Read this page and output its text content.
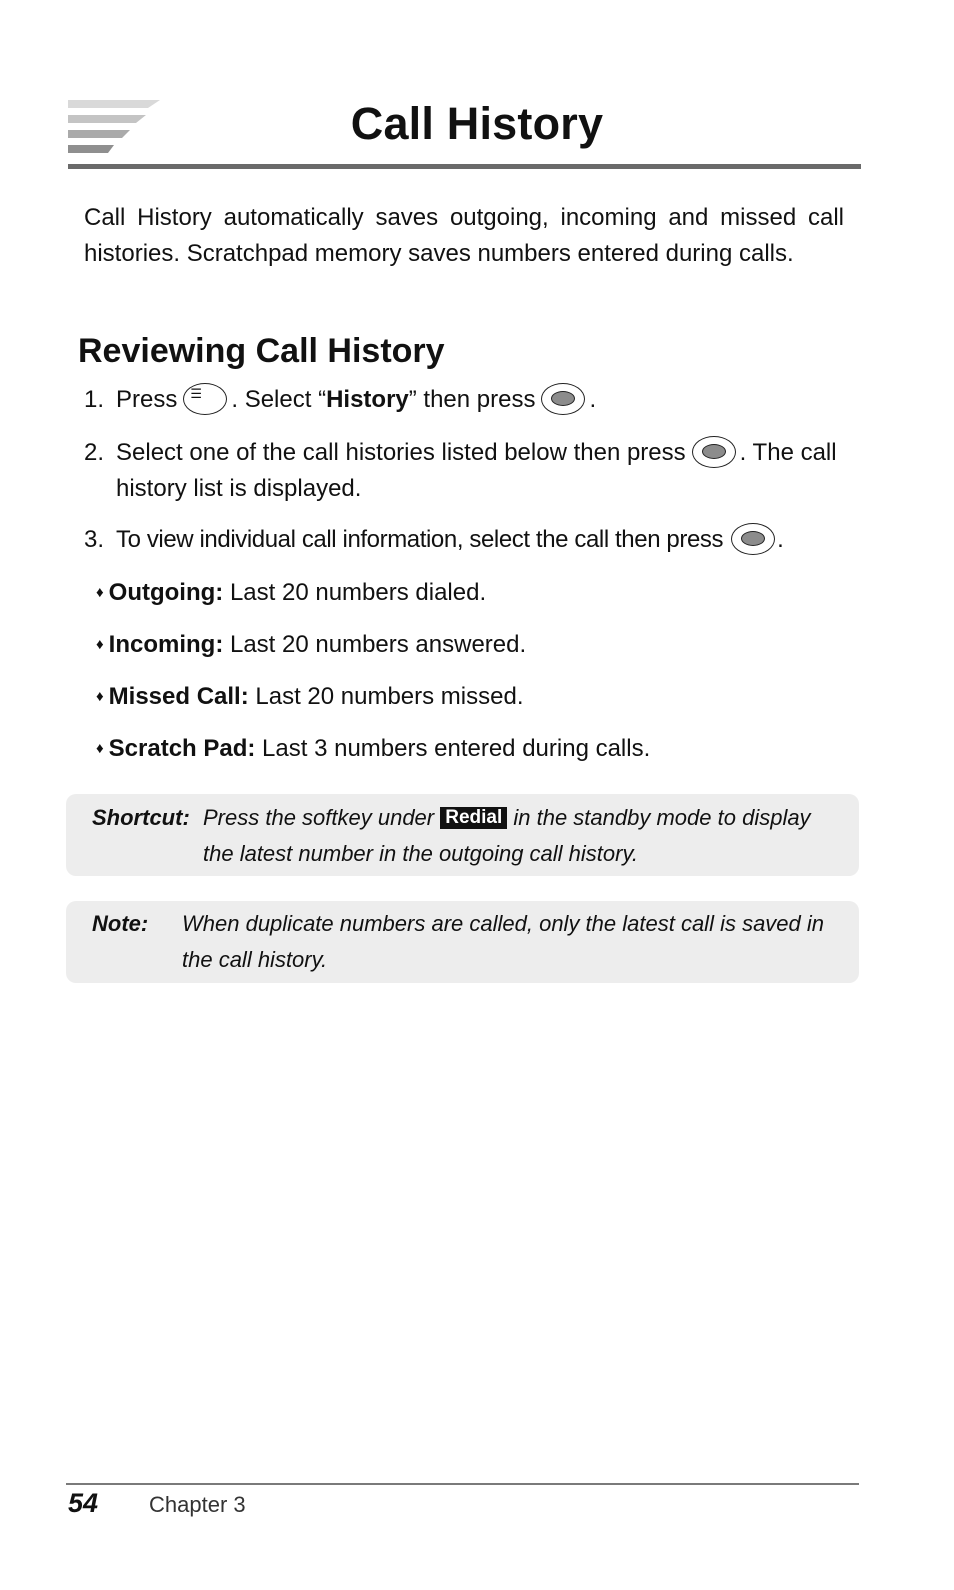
Call History

Call History automatically saves outgoing, incoming and missed call histories. Scratchpad memory saves numbers entered during calls.

Reviewing Call History

1. Press ☰ . Select “History” then press .

2. Select one of the call histories listed below then press . The call history list is displayed.

3. To view individual call information, select the call then press .

♦ Outgoing: Last 20 numbers dialed.

♦ Incoming: Last 20 numbers answered.

♦ Missed Call: Last 20 numbers missed.

♦ Scratch Pad: Last 3 numbers entered during calls.

Shortcut: Press the softkey under Redial in the standby mode to display the latest number in the outgoing call history.

Note: When duplicate numbers are called, only the latest call is saved in the call history.

54 Chapter 3
